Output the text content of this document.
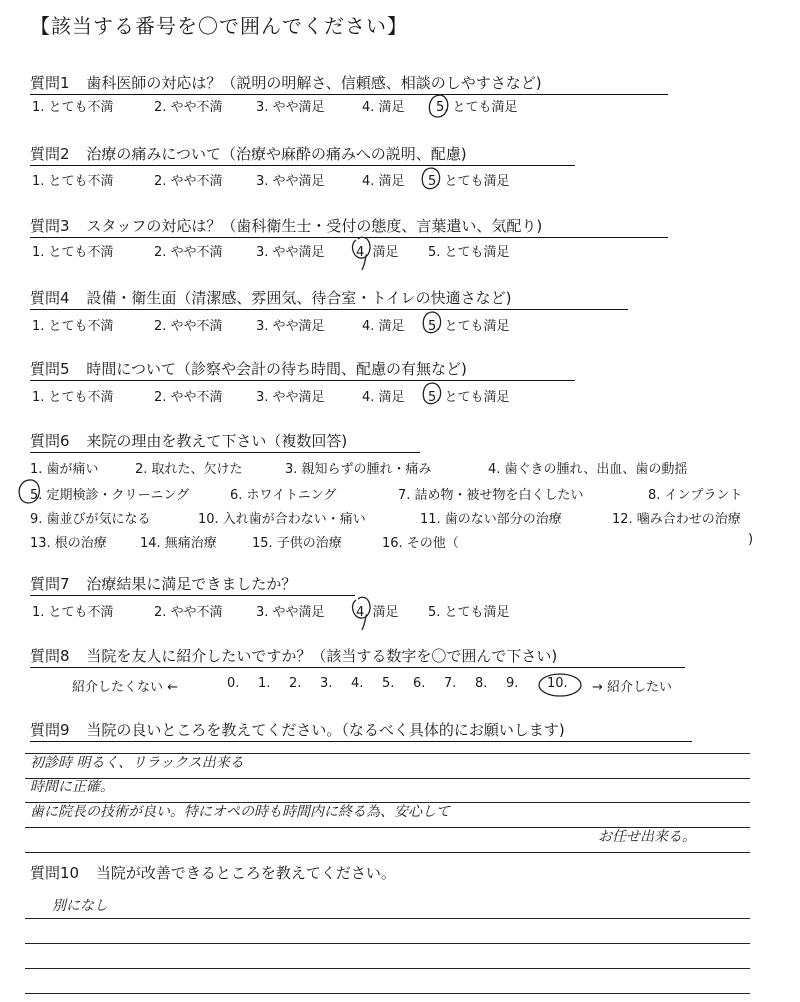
【該当する番号を〇で囲んでください】
質問1 歯科医師の対応は？（説明の明解さ、信頼感、相談のしやすさなど)
1. とても不満	2. やや不満	3. やや満足	4. 満足 5. とても満足
質問2 治療の痛みについて（治療や麻酔の痛みへの説明、配慮)
1. とても不満	2. やや不満	3. やや満足	4. 満足 5. とても満足
質問3 スタッフの対応は？（歯科衛生士・受付の態度、言葉遣い、気配り)
1. とても不満	2. やや不満	3. やや満足 4. 満足 5. とても満足
質問4 設備・衛生面（清潔感、雰囲気、待合室・トイレの快適さなど)
1. とても不満	2. やや不満	3. やや満足	4. 満足 5. とても満足
質問5 時間について（診察や会計の待ち時間、配慮の有無など)
1. とても不満	2. やや不満	3. やや満足	4. 満足 5. とても満足
質問6 来院の理由を教えて下さい（複数回答)
1. 歯が痛い	2. 取れた、欠けた	3. 親知らずの腫れ・痛み	4. 歯ぐきの腫れ、出血、歯の動揺
5. 定期検診・クリーニング	6. ホワイトニング	7. 詰め物・被せ物を白くしたい	8. インプラント
9. 歯並びが気になる	10. 入れ歯が合わない・痛い	11. 歯のない部分の治療	12. 噛み合わせの治療
13. 根の治療	14. 無痛治療	15. 子供の治療	16. その他（	)
質問7 治療結果に満足できましたか？
1. とても不満	2. やや不満	3. やや満足 4. 満足 5. とても満足
質問8 当院を友人に紹介したいですか？（該当する数字を〇で囲んで下さい)
紹介したくない ←	0. 1. 2. 3. 4. 5. 6. 7. 8. 9. 10. → 紹介したい
質問9 当院の良いところを教えてください。（なるべく具体的にお願いします)
初診時 明るく、リラックス出来る
時間に正確。
歯に院長の技術が良い。特にオペの時も時間内に終る為、安心して
お任せ出来る。
質問10 当院が改善できるところを教えてください。
別になし
